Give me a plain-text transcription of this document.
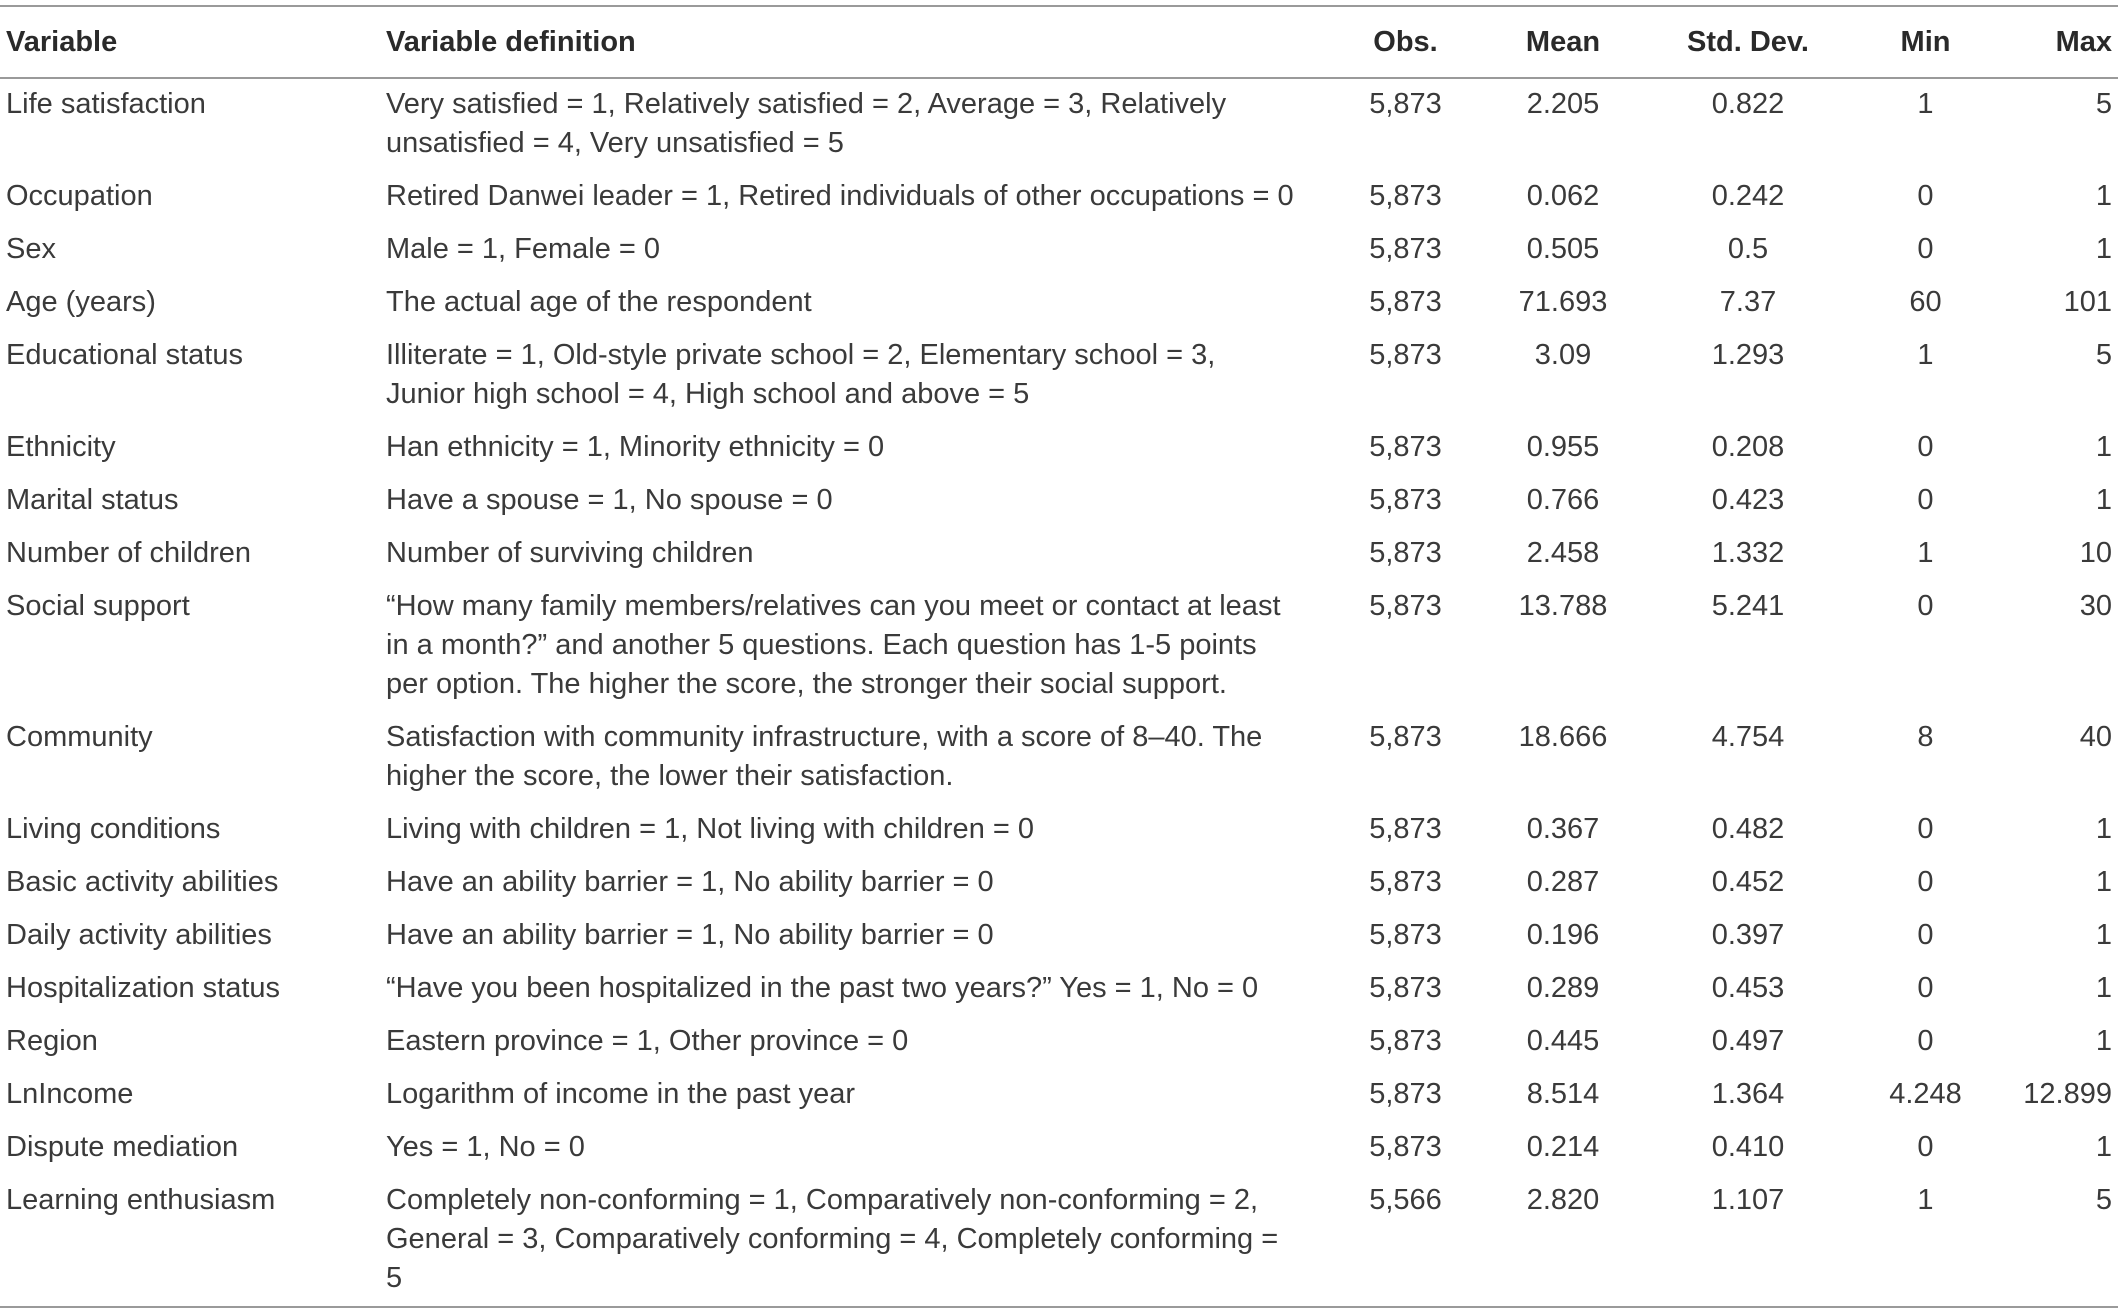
Variable	Variable definition	Obs.	Mean	Std. Dev.	Min	Max
Life satisfaction	Very satisfied = 1, Relatively satisfied = 2, Average = 3, Relatively unsatisfied = 4, Very unsatisfied = 5	5,873	2.205	0.822	1	5
Occupation	Retired Danwei leader = 1, Retired individuals of other occupations = 0	5,873	0.062	0.242	0	1
Sex	Male = 1, Female = 0	5,873	0.505	0.5	0	1
Age (years)	The actual age of the respondent	5,873	71.693	7.37	60	101
Educational status	Illiterate = 1, Old-style private school = 2, Elementary school = 3, Junior high school = 4, High school and above = 5	5,873	3.09	1.293	1	5
Ethnicity	Han ethnicity = 1, Minority ethnicity = 0	5,873	0.955	0.208	0	1
Marital status	Have a spouse = 1, No spouse = 0	5,873	0.766	0.423	0	1
Number of children	Number of surviving children	5,873	2.458	1.332	1	10
Social support	“How many family members/relatives can you meet or contact at least in a month?” and another 5 questions. Each question has 1-5 points per option. The higher the score, the stronger their social support.	5,873	13.788	5.241	0	30
Community	Satisfaction with community infrastructure, with a score of 8–40. The higher the score, the lower their satisfaction.	5,873	18.666	4.754	8	40
Living conditions	Living with children = 1, Not living with children = 0	5,873	0.367	0.482	0	1
Basic activity abilities	Have an ability barrier = 1, No ability barrier = 0	5,873	0.287	0.452	0	1
Daily activity abilities	Have an ability barrier = 1, No ability barrier = 0	5,873	0.196	0.397	0	1
Hospitalization status	“Have you been hospitalized in the past two years?” Yes = 1, No = 0	5,873	0.289	0.453	0	1
Region	Eastern province = 1, Other province = 0	5,873	0.445	0.497	0	1
LnIncome	Logarithm of income in the past year	5,873	8.514	1.364	4.248	12.899
Dispute mediation	Yes = 1, No = 0	5,873	0.214	0.410	0	1
Learning enthusiasm	Completely non-conforming = 1, Comparatively non-conforming = 2, General = 3, Comparatively conforming = 4, Completely conforming = 5	5,566	2.820	1.107	1	5
